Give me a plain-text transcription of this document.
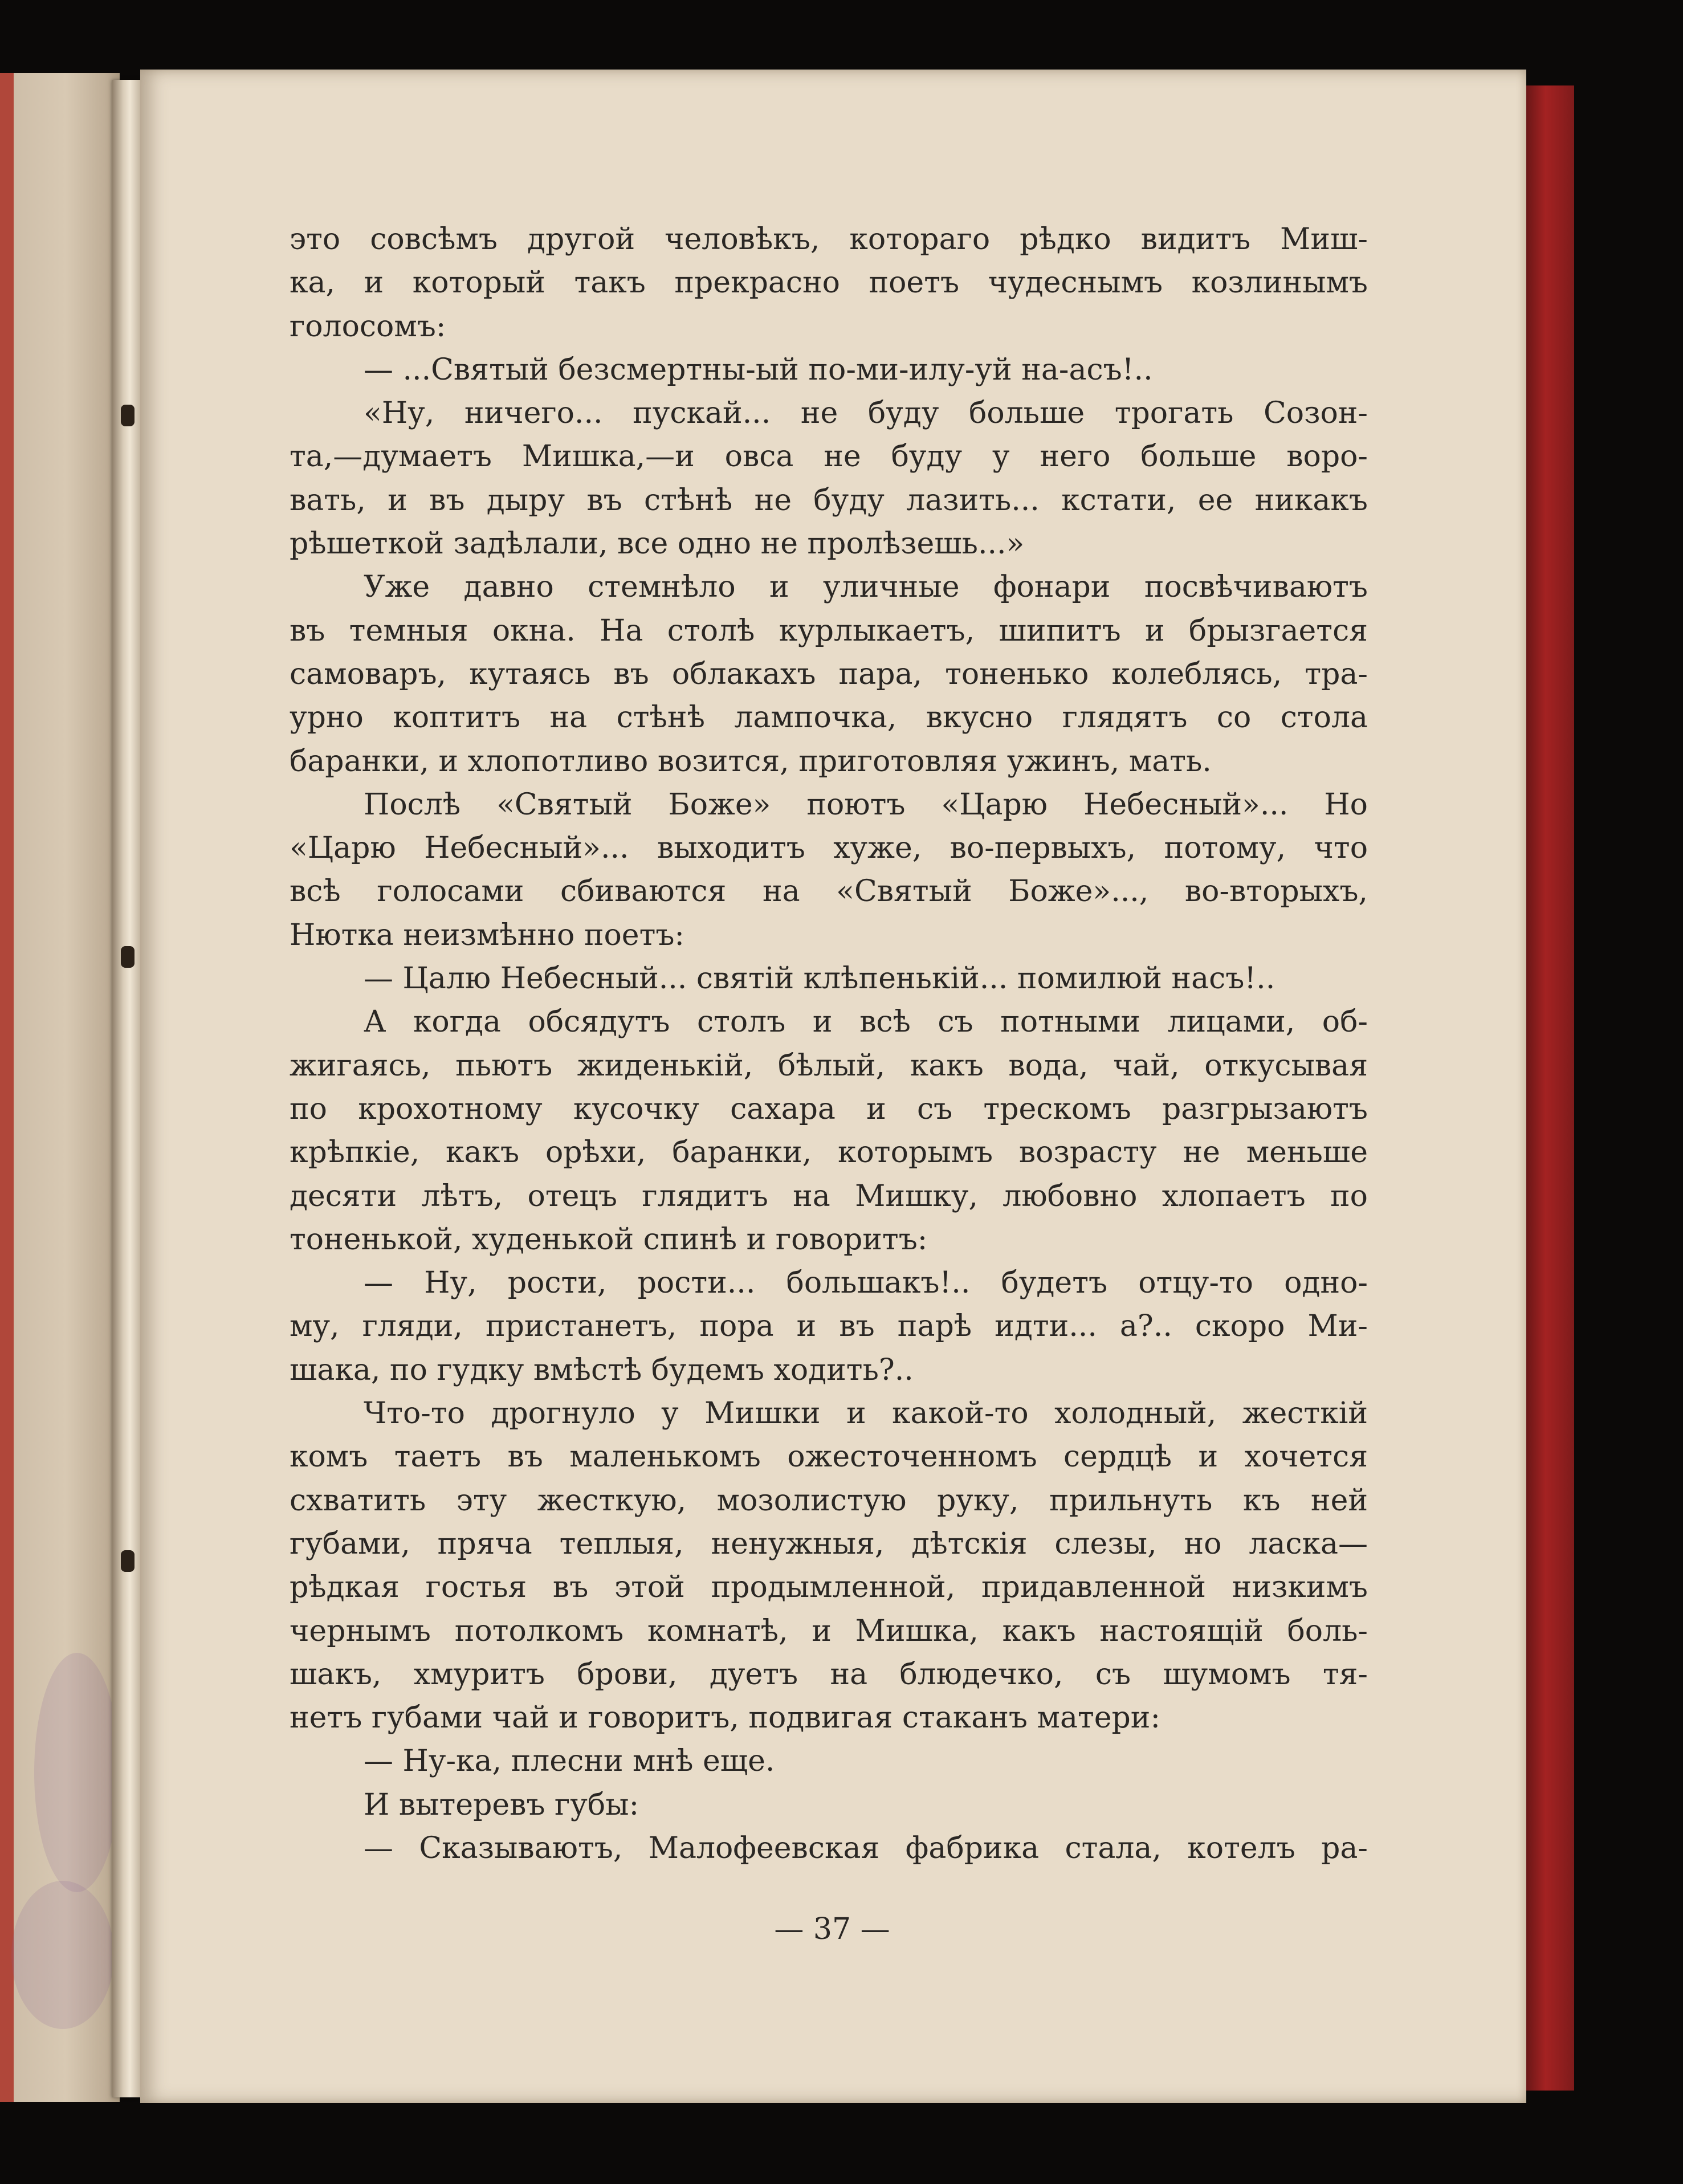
это совсѣмъ другой человѣкъ, котораго рѣдко видитъ Миш-
ка, и который такъ прекрасно поетъ чудеснымъ козлинымъ
голосомъ:
— ...Святый безсмертны-ый по-ми-илу-уй на-асъ!..
«Ну, ничего... пускай... не буду больше трогать Созон-
та,—думаетъ Мишка,—и овса не буду у него больше воро-
вать, и въ дыру въ стѣнѣ не буду лазить... кстати, ее никакъ
рѣшеткой задѣлали, все одно не пролѣзешь...»
Уже давно стемнѣло и уличные фонари посвѣчиваютъ
въ темныя окна. На столѣ курлыкаетъ, шипитъ и брызгается
самоваръ, кутаясь въ облакахъ пара, тоненько колеблясь, тра-
урно коптитъ на стѣнѣ лампочка, вкусно глядятъ со стола
баранки, и хлопотливо возится, приготовляя ужинъ, мать.
Послѣ «Святый Боже» поютъ «Царю Небесный»... Но
«Царю Небесный»... выходитъ хуже, во-первыхъ, потому, что
всѣ голосами сбиваются на «Святый Боже»..., во-вторыхъ,
Нютка неизмѣнно поетъ:
— Цалю Небесный... святій клѣпенькій... помилюй насъ!..
А когда обсядутъ столъ и всѣ съ потными лицами, об-
жигаясь, пьютъ жиденькій, бѣлый, какъ вода, чай, откусывая
по крохотному кусочку сахара и съ трескомъ разгрызаютъ
крѣпкіе, какъ орѣхи, баранки, которымъ возрасту не меньше
десяти лѣтъ, отецъ глядитъ на Мишку, любовно хлопаетъ по
тоненькой, худенькой спинѣ и говоритъ:
— Ну, рости, рости... большакъ!.. будетъ отцу-то одно-
му, гляди, пристанетъ, пора и въ парѣ идти... а?.. скоро Ми-
шака, по гудку вмѣстѣ будемъ ходить?..
Что-то дрогнуло у Мишки и какой-то холодный, жесткій
комъ таетъ въ маленькомъ ожесточенномъ сердцѣ и хочется
схватить эту жесткую, мозолистую руку, прильнуть къ ней
губами, пряча теплыя, ненужныя, дѣтскія слезы, но ласка—
рѣдкая гостья въ этой продымленной, придавленной низкимъ
чернымъ потолкомъ комнатѣ, и Мишка, какъ настоящій боль-
шакъ, хмуритъ брови, дуетъ на блюдечко, съ шумомъ тя-
нетъ губами чай и говоритъ, подвигая стаканъ матери:
— Ну-ка, плесни мнѣ еще.
И вытеревъ губы:
— Сказываютъ, Малофеевская фабрика стала, котелъ ра-
— 37 —
